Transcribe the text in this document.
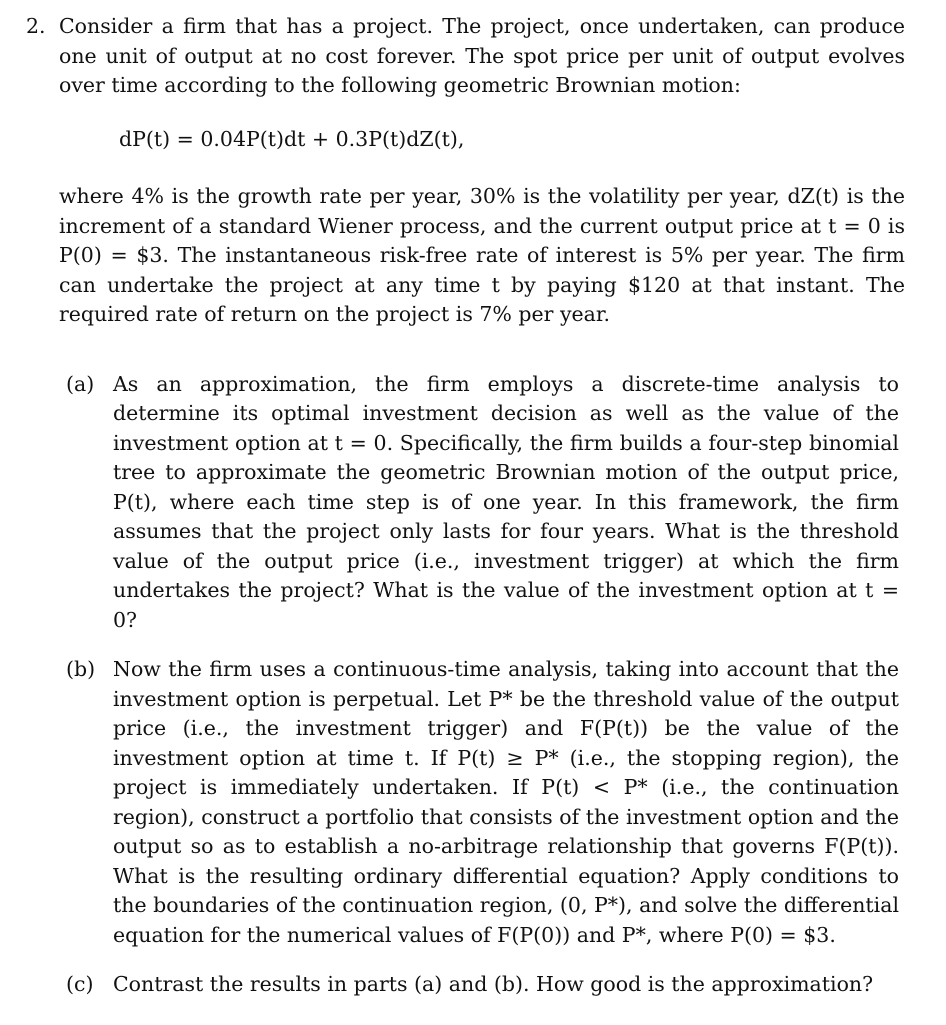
2. Consider a firm that has a project. The project, once undertaken, can produce one unit of output at no cost forever. The spot price per unit of output evolves over time according to the following geometric Brownian motion:
dP(t) = 0.04P(t)dt + 0.3P(t)dZ(t),
where 4% is the growth rate per year, 30% is the volatility per year, dZ(t) is the increment of a standard Wiener process, and the current output price at t = 0 is P(0) = $3. The instantaneous risk-free rate of interest is 5% per year. The firm can undertake the project at any time t by paying $120 at that instant. The required rate of return on the project is 7% per year.
(a) As an approximation, the firm employs a discrete-time analysis to determine its optimal investment decision as well as the value of the investment option at t = 0. Specifically, the firm builds a four-step binomial tree to approximate the geometric Brownian motion of the output price, P(t), where each time step is of one year. In this framework, the firm assumes that the project only lasts for four years. What is the threshold value of the output price (i.e., investment trigger) at which the firm undertakes the project? What is the value of the investment option at t = 0?
(b) Now the firm uses a continuous-time analysis, taking into account that the investment option is perpetual. Let P* be the threshold value of the output price (i.e., the investment trigger) and F(P(t)) be the value of the investment option at time t. If P(t) ≥ P* (i.e., the stopping region), the project is immediately undertaken. If P(t) < P* (i.e., the continuation region), construct a portfolio that consists of the investment option and the output so as to establish a no-arbitrage relationship that governs F(P(t)). What is the resulting ordinary differential equation? Apply conditions to the boundaries of the continuation region, (0, P*), and solve the differential equation for the numerical values of F(P(0)) and P*, where P(0) = $3.
(c) Contrast the results in parts (a) and (b). How good is the approximation?
